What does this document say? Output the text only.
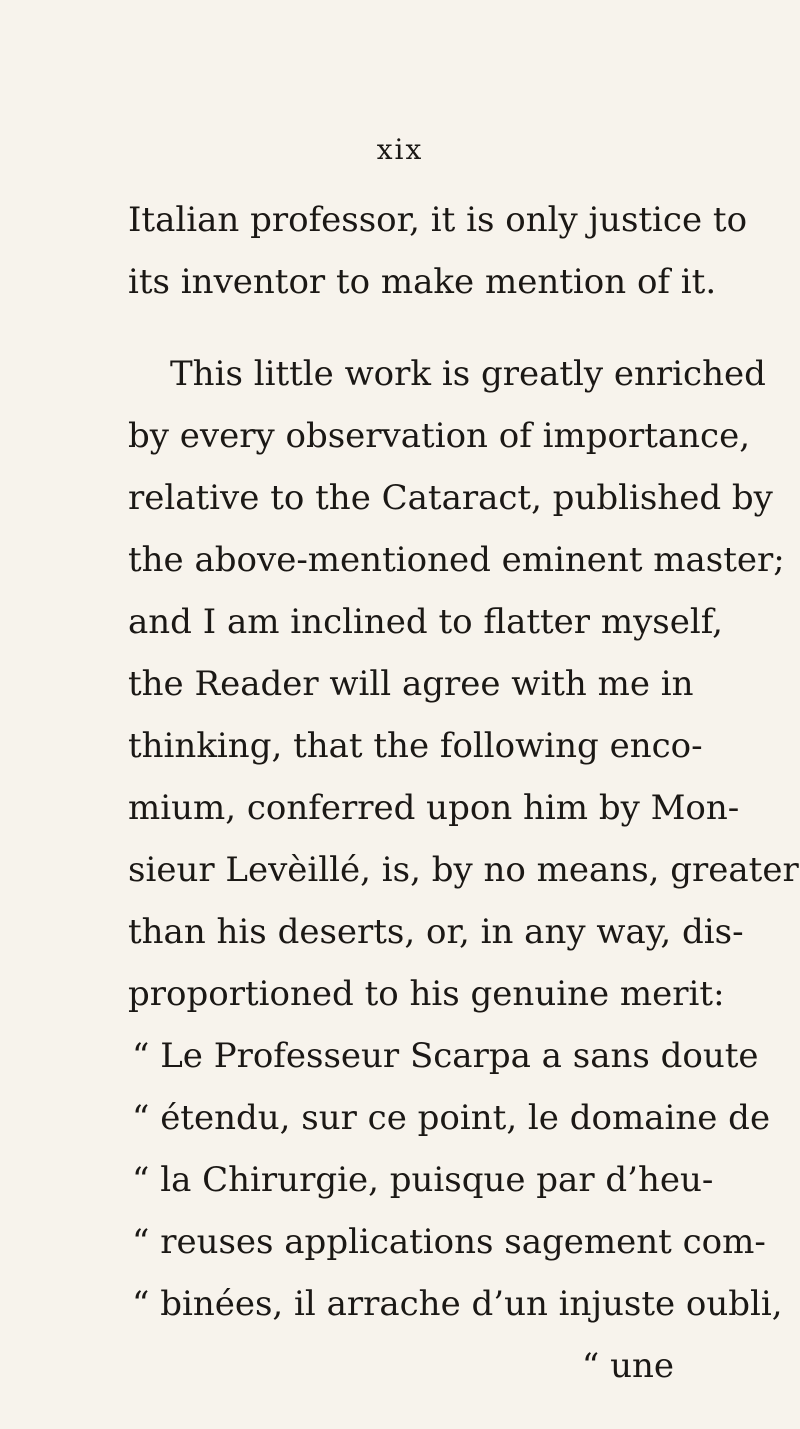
xix
Italian professor, it is only justice to
its inventor to make mention of it.
This little work is greatly enriched
by every observation of importance,
relative to the Cataract, published by
the above-mentioned eminent master;
and I am inclined to flatter myself,
the Reader will agree with me in
thinking, that the following enco-
mium, conferred upon him by Mon-
sieur Levèillé, is, by no means, greater
than his deserts, or, in any way, dis-
proportioned to his genuine merit:
“ Le Professeur Scarpa a sans doute
“ étendu, sur ce point, le domaine de
“ la Chirurgie, puisque par d’heu-
“ reuses applications sagement com-
“ binées, il arrache d’un injuste oubli,
“ une
